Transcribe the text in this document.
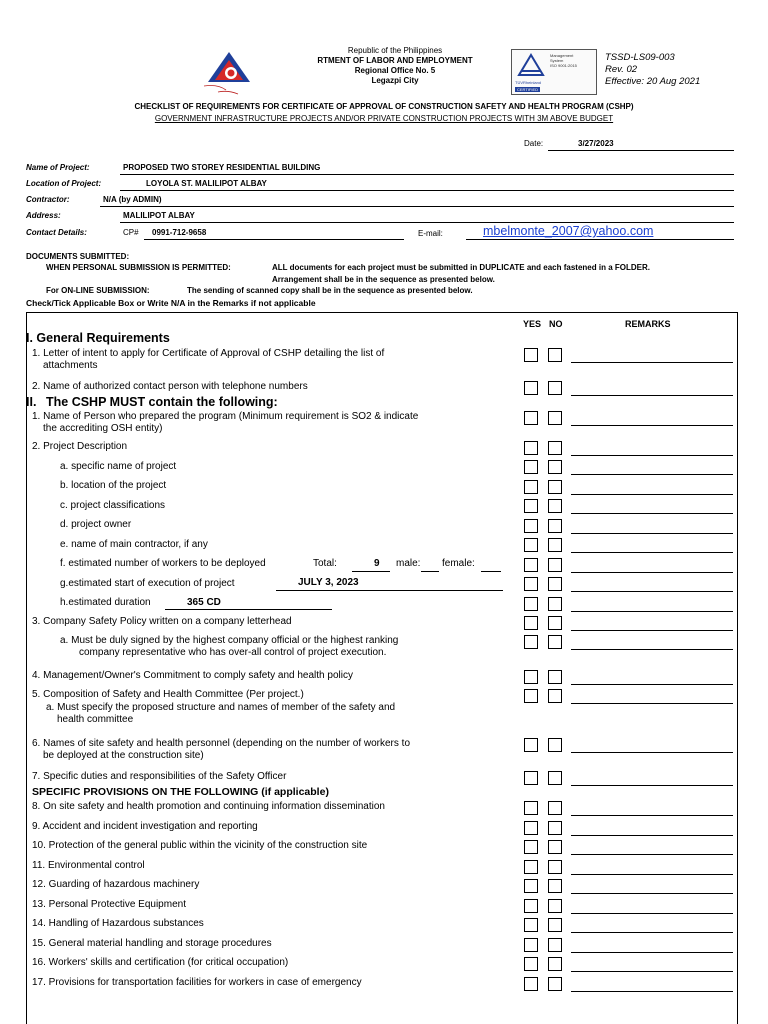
Republic of the Philippines
RTMENT OF LABOR AND EMPLOYMENT
Regional Office No. 5
Legazpi City
Management
System
ISO 9001:2015
TÜVRheinland
CERTIFIED
TSSD-LS09-003
Rev. 02
Effective: 20 Aug 2021
CHECKLIST OF REQUIREMENTS FOR CERTIFICATE OF APPROVAL OF CONSTRUCTION SAFETY AND HEALTH PROGRAM (CSHP)
GOVERNMENT INFRASTRUCTURE PROJECTS AND/OR PRIVATE CONSTRUCTION PROJECTS WITH 3M ABOVE BUDGET
Date:	3/27/2023
Name of Project:	PROPOSED TWO STOREY RESIDENTIAL BUILDING
Location of Project:	LOYOLA ST. MALILIPOT ALBAY
Contractor:	N/A (by ADMIN)
Address:	MALILIPOT ALBAY
Contact Details:	CP# 0991-712-9658	E-mail:	mbelmonte_2007@yahoo.com
DOCUMENTS SUBMITTED:
WHEN PERSONAL SUBMISSION IS PERMITTED:	ALL documents for each project must be submitted in DUPLICATE and each fastened in a FOLDER.
Arrangement shall be in the sequence as presented below.
For ON-LINE SUBMISSION:	The sending of scanned copy shall be in the sequence as presented below.
Check/Tick Applicable Box or Write N/A in the Remarks if not applicable
YES NO	REMARKS
I. General Requirements
1. Letter of intent to apply for Certificate of Approval of CSHP detailing the list of
attachments
2. Name of authorized contact person with telephone numbers
II. The CSHP MUST contain the following:
1. Name of Person who prepared the program (Minimum requirement is SO2 & indicate
the accrediting OSH entity)
2. Project Description
a. specific name of project
b. location of the project
c. project classifications
d. project owner
e. name of main contractor, if any
f. estimated number of workers to be deployed	Total:	9 male: female:
g.estimated start of execution of project	JULY 3, 2023
h.estimated duration	365 CD
3. Company Safety Policy written on a company letterhead
a. Must be duly signed by the highest company official or the highest ranking
company representative who has over-all control of project execution.
4. Management/Owner's Commitment to comply safety and health policy
5. Composition of Safety and Health Committee (Per project.)
a. Must specify the proposed structure and names of member of the safety and
health committee
6. Names of site safety and health personnel (depending on the number of workers to
be deployed at the construction site)
7. Specific duties and responsibilities of the Safety Officer
SPECIFIC PROVISIONS ON THE FOLLOWING (if applicable)
8. On site safety and health promotion and continuing information dissemination
9. Accident and incident investigation and reporting
10. Protection of the general public within the vicinity of the construction site
11. Environmental control
12. Guarding of hazardous machinery
13. Personal Protective Equipment
14. Handling of Hazardous substances
15. General material handling and storage procedures
16. Workers' skills and certification (for critical occupation)
17. Provisions for transportation facilities for workers in case of emergency
